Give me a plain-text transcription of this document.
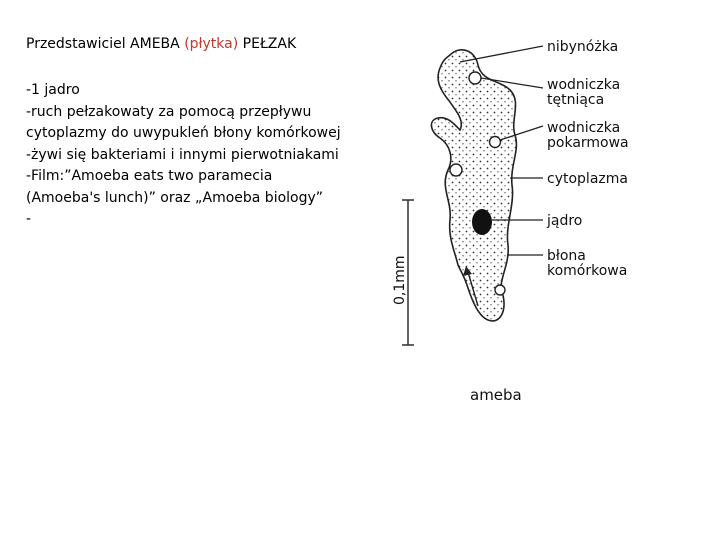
Przedstawiciel AMEBA (płytka) PEŁZAK
-1 jadro
-ruch pełzakowaty za pomocą przepływu
cytoplazmy do uwypukleń błony komórkowej
-żywi się bakteriami i innymi pierwotniakami
-Film:”Amoeba eats two paramecia
(Amoeba's lunch)” oraz „Amoeba biology”
-
0,1mm
nibynóżka
wodniczka
tętniąca
wodniczka
pokarmowa
cytoplazma
jądro
błona
komórkowa
ameba
